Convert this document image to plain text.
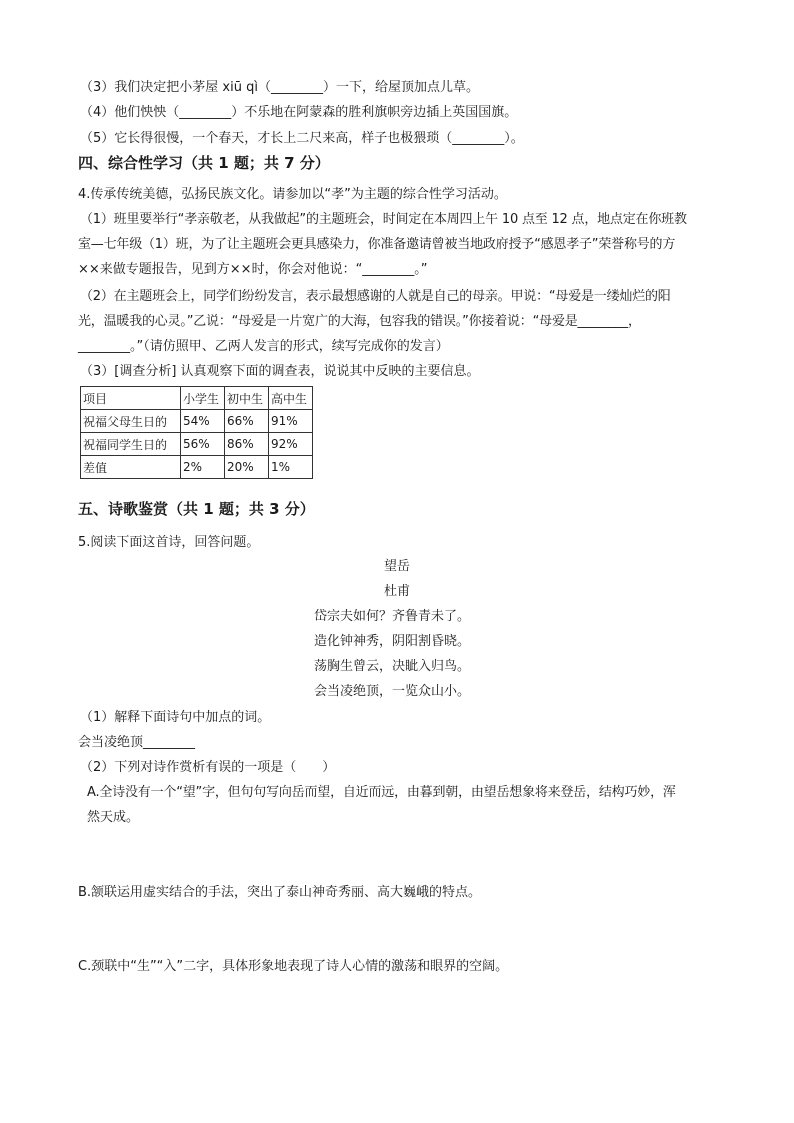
（3）我们决定把小茅屋 xiū qì（________）一下，给屋顶加点儿草。
（4）他们怏怏（________）不乐地在阿蒙森的胜利旗帜旁边插上英国国旗。
（5）它长得很慢，一个春天，才长上二尺来高，样子也极猥琐（________）。
四、综合性学习（共 1 题；共 7 分）
4.传承传统美德，弘扬民族文化。请参加以“孝”为主题的综合性学习活动。
（1）班里要举行“孝亲敬老，从我做起”的主题班会，时间定在本周四上午 10 点至 12 点，地点定在你班教
室—七年级（1）班，为了让主题班会更具感染力，你准备邀请曾被当地政府授予“感恩孝子”荣誉称号的方
××来做专题报告，见到方××时，你会对他说：“________。”
（2）在主题班会上，同学们纷纷发言，表示最想感谢的人就是自己的母亲。甲说：“母爱是一缕灿烂的阳
光，温暖我的心灵。”乙说：“母爱是一片宽广的大海，包容我的错误。”你接着说：“母爱是________，
________。”（请仿照甲、乙两人发言的形式，续写完成你的发言）
（3）[调查分析] 认真观察下面的调查表，说说其中反映的主要信息。
项目	小学生	初中生	高中生
祝福父母生日的	54%	66%	91%
祝福同学生日的	56%	86%	92%
差值	2%	20%	1%
五、诗歌鉴赏（共 1 题；共 3 分）
5.阅读下面这首诗，回答问题。
望岳
杜甫
岱宗夫如何？齐鲁青未了。
造化钟神秀，阴阳割昏晓。
荡胸生曾云，决眦入归鸟。
会当凌绝顶，一览众山小。
（1）解释下面诗句中加点的词。
会当凌绝顶________
（2）下列对诗作赏析有误的一项是（　　）
A.全诗没有一个“望”字，但句句写向岳而望，自近而远，由暮到朝，由望岳想象将来登岳，结构巧妙，浑
然天成。
B.颔联运用虚实结合的手法，突出了泰山神奇秀丽、高大巍峨的特点。
C.颈联中“生”“入”二字，具体形象地表现了诗人心情的激荡和眼界的空阔。
